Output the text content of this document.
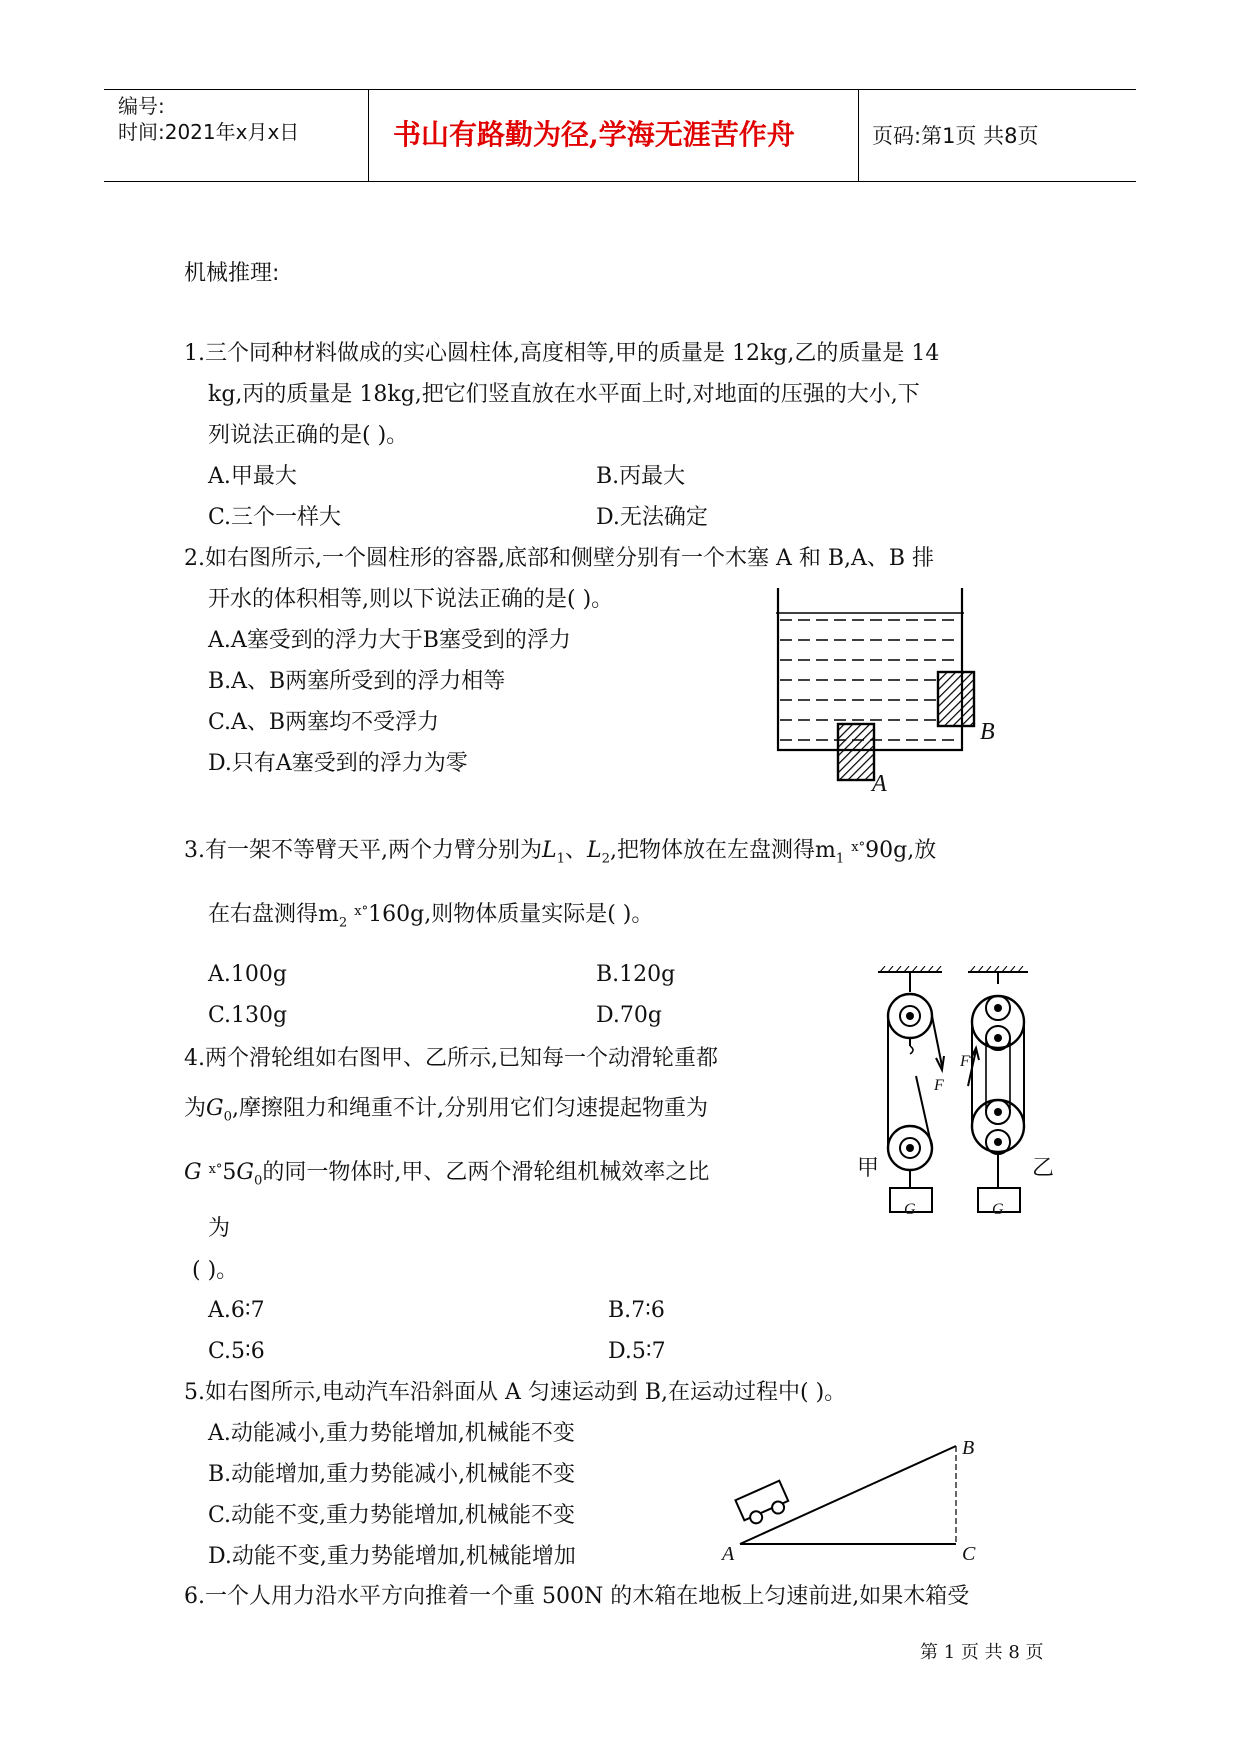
编号:
时间:2021年x月x日	书山有路勤为径,学海无涯苦作舟	页码:第1页 共8页
机械推理:
1.三个同种材料做成的实心圆柱体,高度相等,甲的质量是 12kg,乙的质量是 14
kg,丙的质量是 18kg,把它们竖直放在水平面上时,对地面的压强的大小,下
列说法正确的是( )。
A.甲最大	B.丙最大
C.三个一样大	D.无法确定
2.如右图所示,一个圆柱形的容器,底部和侧壁分别有一个木塞 A 和 B,A、B 排
开水的体积相等,则以下说法正确的是( )。
A.A塞受到的浮力大于B塞受到的浮力
B.A、B两塞所受到的浮力相等
C.A、B两塞均不受浮力
D.只有A塞受到的浮力为零
B
A
3.有一架不等臂天平,两个力臂分别为$L_1$、$L_2$,把物体放在左盘测得$m_1$ $^{ⅹ^\circ}$90g,放
在右盘测得$m_2$ $^{ⅹ^\circ}$160g,则物体质量实际是( )。
A.100g	B.120g
C.130g	D.70g
4.两个滑轮组如右图甲、乙所示,已知每一个动滑轮重都
为$G_0$,摩擦阻力和绳重不计,分别用它们匀速提起物重为
G $^{ⅹ^\circ}5G_0$的同一物体时,甲、乙两个滑轮组机械效率之比
为
( )。
A.6∶7	B.7∶6
C.5∶6	D.5∶7
甲	乙
F
F
G	G
5.如右图所示,电动汽车沿斜面从 A 匀速运动到 B,在运动过程中( )。
A.动能减小,重力势能增加,机械能不变
B.动能增加,重力势能减小,机械能不变
C.动能不变,重力势能增加,机械能不变
D.动能不变,重力势能增加,机械能增加
B
A	C
6.一个人用力沿水平方向推着一个重 500N 的木箱在地板上匀速前进,如果木箱受
第 1 页 共 8 页
